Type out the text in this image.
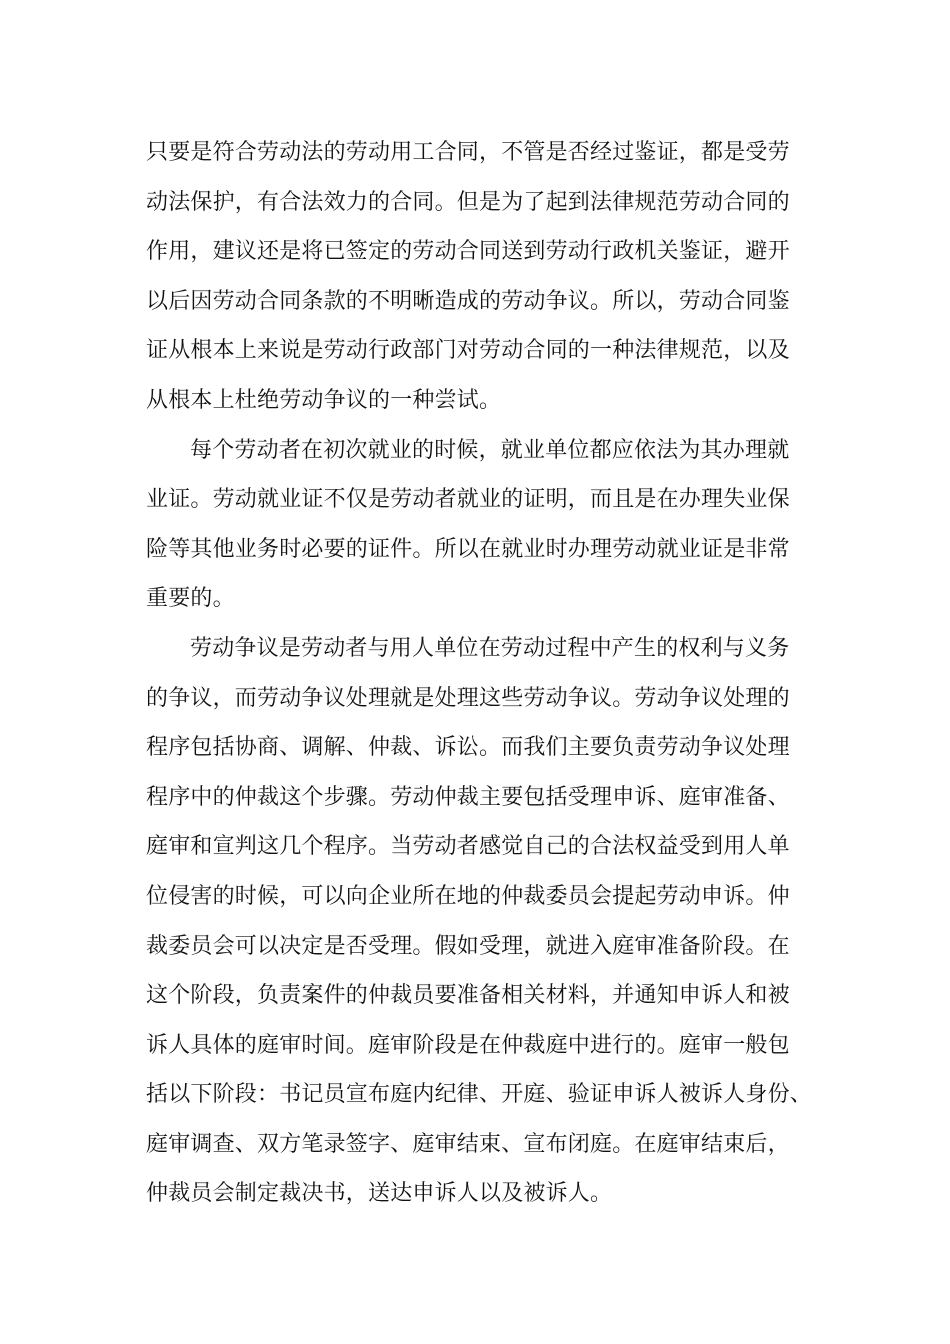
只要是符合劳动法的劳动用工合同，不管是否经过鉴证，都是受劳
动法保护，有合法效力的合同。但是为了起到法律规范劳动合同的
作用，建议还是将已签定的劳动合同送到劳动行政机关鉴证，避开
以后因劳动合同条款的不明晰造成的劳动争议。所以，劳动合同鉴
证从根本上来说是劳动行政部门对劳动合同的一种法律规范，以及
从根本上杜绝劳动争议的一种尝试。
每个劳动者在初次就业的时候，就业单位都应依法为其办理就
业证。劳动就业证不仅是劳动者就业的证明，而且是在办理失业保
险等其他业务时必要的证件。所以在就业时办理劳动就业证是非常
重要的。
劳动争议是劳动者与用人单位在劳动过程中产生的权利与义务
的争议，而劳动争议处理就是处理这些劳动争议。劳动争议处理的
程序包括协商、调解、仲裁、诉讼。而我们主要负责劳动争议处理
程序中的仲裁这个步骤。劳动仲裁主要包括受理申诉、庭审准备、
庭审和宣判这几个程序。当劳动者感觉自己的合法权益受到用人单
位侵害的时候，可以向企业所在地的仲裁委员会提起劳动申诉。仲
裁委员会可以决定是否受理。假如受理，就进入庭审准备阶段。在
这个阶段，负责案件的仲裁员要准备相关材料，并通知申诉人和被
诉人具体的庭审时间。庭审阶段是在仲裁庭中进行的。庭审一般包
括以下阶段：书记员宣布庭内纪律、开庭、验证申诉人被诉人身份、
庭审调查、双方笔录签字、庭审结束、宣布闭庭。在庭审结束后，
仲裁员会制定裁决书，送达申诉人以及被诉人。
